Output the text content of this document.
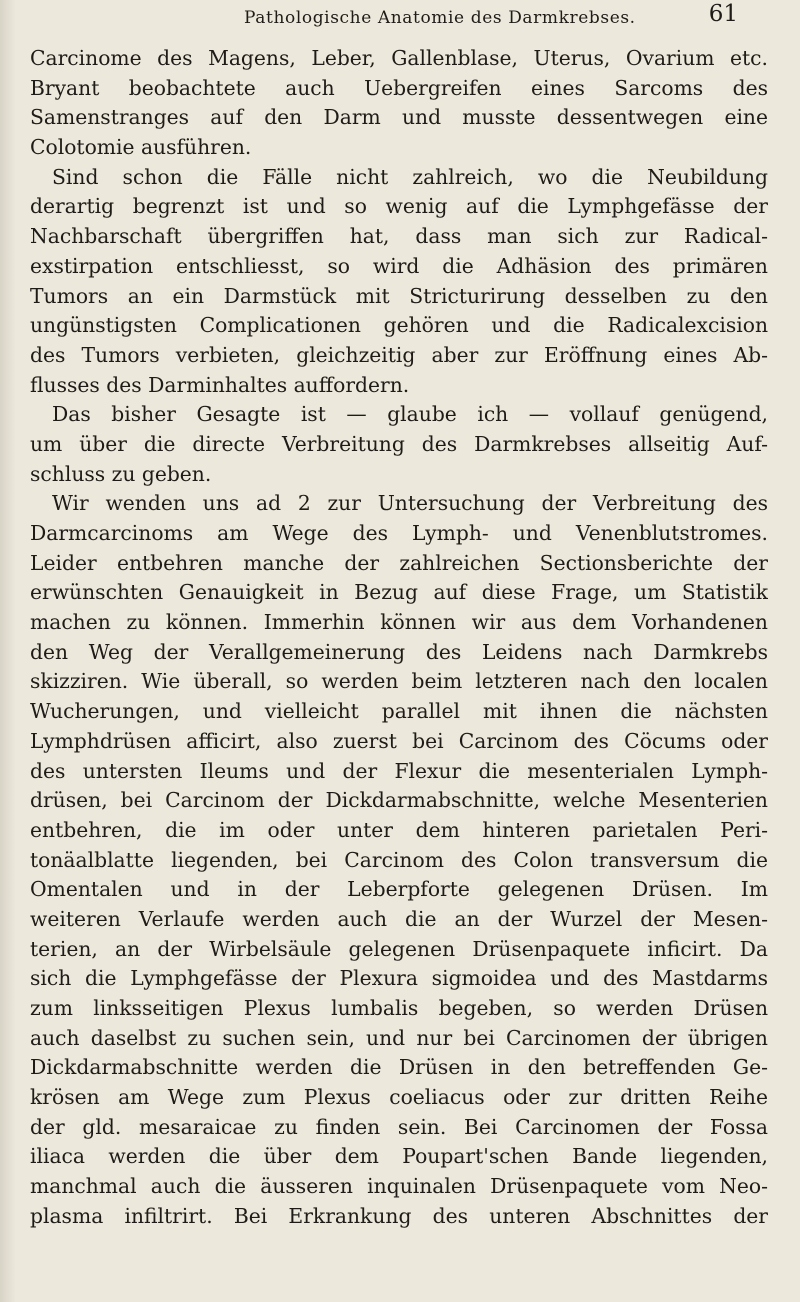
Pathologische Anatomie des Darmkrebses.	61
Carcinome des Magens, Leber, Gallenblase, Uterus, Ovarium etc.
Bryant beobachtete auch Uebergreifen eines Sarcoms des
Samenstranges auf den Darm und musste dessentwegen eine
Colotomie ausführen.
Sind schon die Fälle nicht zahlreich, wo die Neubildung
derartig begrenzt ist und so wenig auf die Lymphgefässe der
Nachbarschaft übergriffen hat, dass man sich zur Radical-
exstirpation entschliesst, so wird die Adhäsion des primären
Tumors an ein Darmstück mit Stricturirung desselben zu den
ungünstigsten Complicationen gehören und die Radicalexcision
des Tumors verbieten, gleichzeitig aber zur Eröffnung eines Ab-
flusses des Darminhaltes auffordern.
Das bisher Gesagte ist — glaube ich — vollauf genügend,
um über die directe Verbreitung des Darmkrebses allseitig Auf-
schluss zu geben.
Wir wenden uns ad 2 zur Untersuchung der Verbreitung des
Darmcarcinoms am Wege des Lymph- und Venenblutstromes.
Leider entbehren manche der zahlreichen Sectionsberichte der
erwünschten Genauigkeit in Bezug auf diese Frage, um Statistik
machen zu können. Immerhin können wir aus dem Vorhandenen
den Weg der Verallgemeinerung des Leidens nach Darmkrebs
skizziren. Wie überall, so werden beim letzteren nach den localen
Wucherungen, und vielleicht parallel mit ihnen die nächsten
Lymphdrüsen afficirt, also zuerst bei Carcinom des Cöcums oder
des untersten Ileums und der Flexur die mesenterialen Lymph-
drüsen, bei Carcinom der Dickdarmabschnitte, welche Mesenterien
entbehren, die im oder unter dem hinteren parietalen Peri-
tonäalblatte liegenden, bei Carcinom des Colon transversum die
Omentalen und in der Leberpforte gelegenen Drüsen. Im
weiteren Verlaufe werden auch die an der Wurzel der Mesen-
terien, an der Wirbelsäule gelegenen Drüsenpaquete inficirt. Da
sich die Lymphgefässe der Plexura sigmoidea und des Mastdarms
zum linksseitigen Plexus lumbalis begeben, so werden Drüsen
auch daselbst zu suchen sein, und nur bei Carcinomen der übrigen
Dickdarmabschnitte werden die Drüsen in den betreffenden Ge-
krösen am Wege zum Plexus coeliacus oder zur dritten Reihe
der gld. mesaraicae zu finden sein. Bei Carcinomen der Fossa
iliaca werden die über dem Poupart'schen Bande liegenden,
manchmal auch die äusseren inquinalen Drüsenpaquete vom Neo-
plasma infiltrirt. Bei Erkrankung des unteren Abschnittes der
